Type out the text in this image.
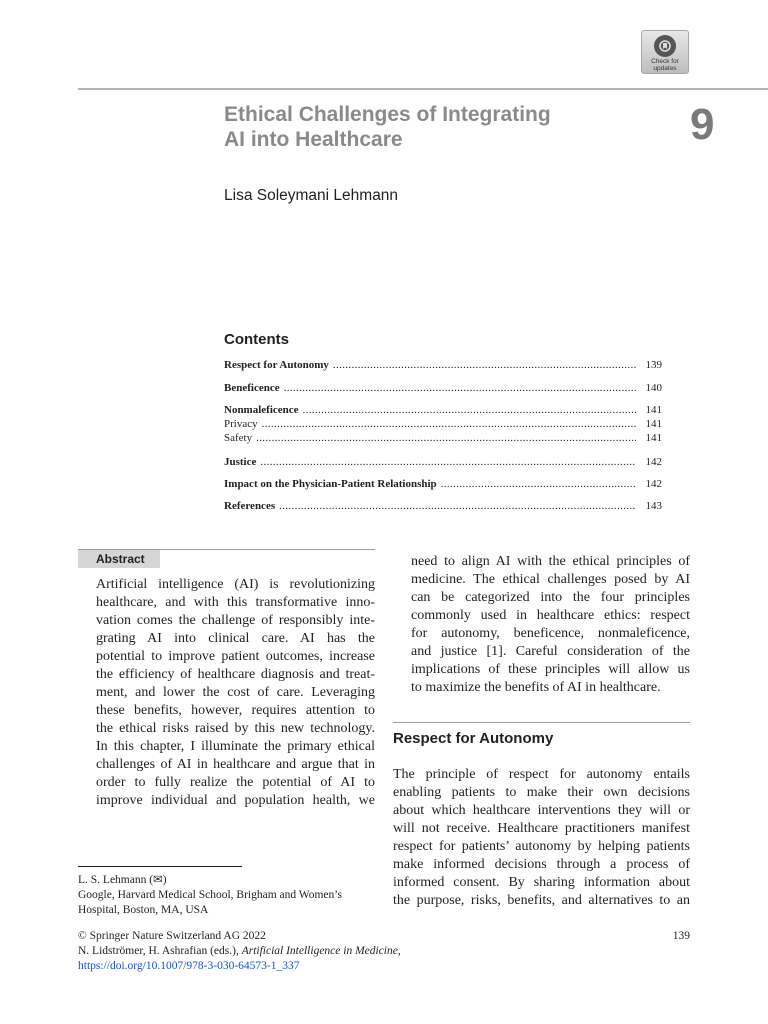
Check for
updates
Ethical Challenges of Integrating
AI into Healthcare	9
Lisa Soleymani Lehmann
Contents
Respect for Autonomy . . .	139
Beneficence . . .	140
Nonmaleficence . . .	141
Privacy . . .	141
Safety . . .	141
Justice . . .	142
Impact on the Physician-Patient Relationship . . .	142
References . . .	143
Abstract
Artificial intelligence (AI) is revolutionizing
healthcare, and with this transformative inno-
vation comes the challenge of responsibly inte-
grating AI into clinical care. AI has the
potential to improve patient outcomes, increase
the efficiency of healthcare diagnosis and treat-
ment, and lower the cost of care. Leveraging
these benefits, however, requires attention to
the ethical risks raised by this new technology.
In this chapter, I illuminate the primary ethical
challenges of AI in healthcare and argue that in
order to fully realize the potential of AI to
improve individual and population health, we
need to align AI with the ethical principles of
medicine. The ethical challenges posed by AI
can be categorized into the four principles
commonly used in healthcare ethics: respect
for autonomy, beneficence, nonmaleficence,
and justice [1]. Careful consideration of the
implications of these principles will allow us
to maximize the benefits of AI in healthcare.
Respect for Autonomy
The principle of respect for autonomy entails
enabling patients to make their own decisions
about which healthcare interventions they will or
will not receive. Healthcare practitioners manifest
respect for patients’ autonomy by helping patients
make informed decisions through a process of
informed consent. By sharing information about
the purpose, risks, benefits, and alternatives to an
L. S. Lehmann (✉)
Google, Harvard Medical School, Brigham and Women’s
Hospital, Boston, MA, USA
© Springer Nature Switzerland AG 2022
N. Lidströmer, H. Ashrafian (eds.), Artificial Intelligence in Medicine,
https://doi.org/10.1007/978-3-030-64573-1_337
139
